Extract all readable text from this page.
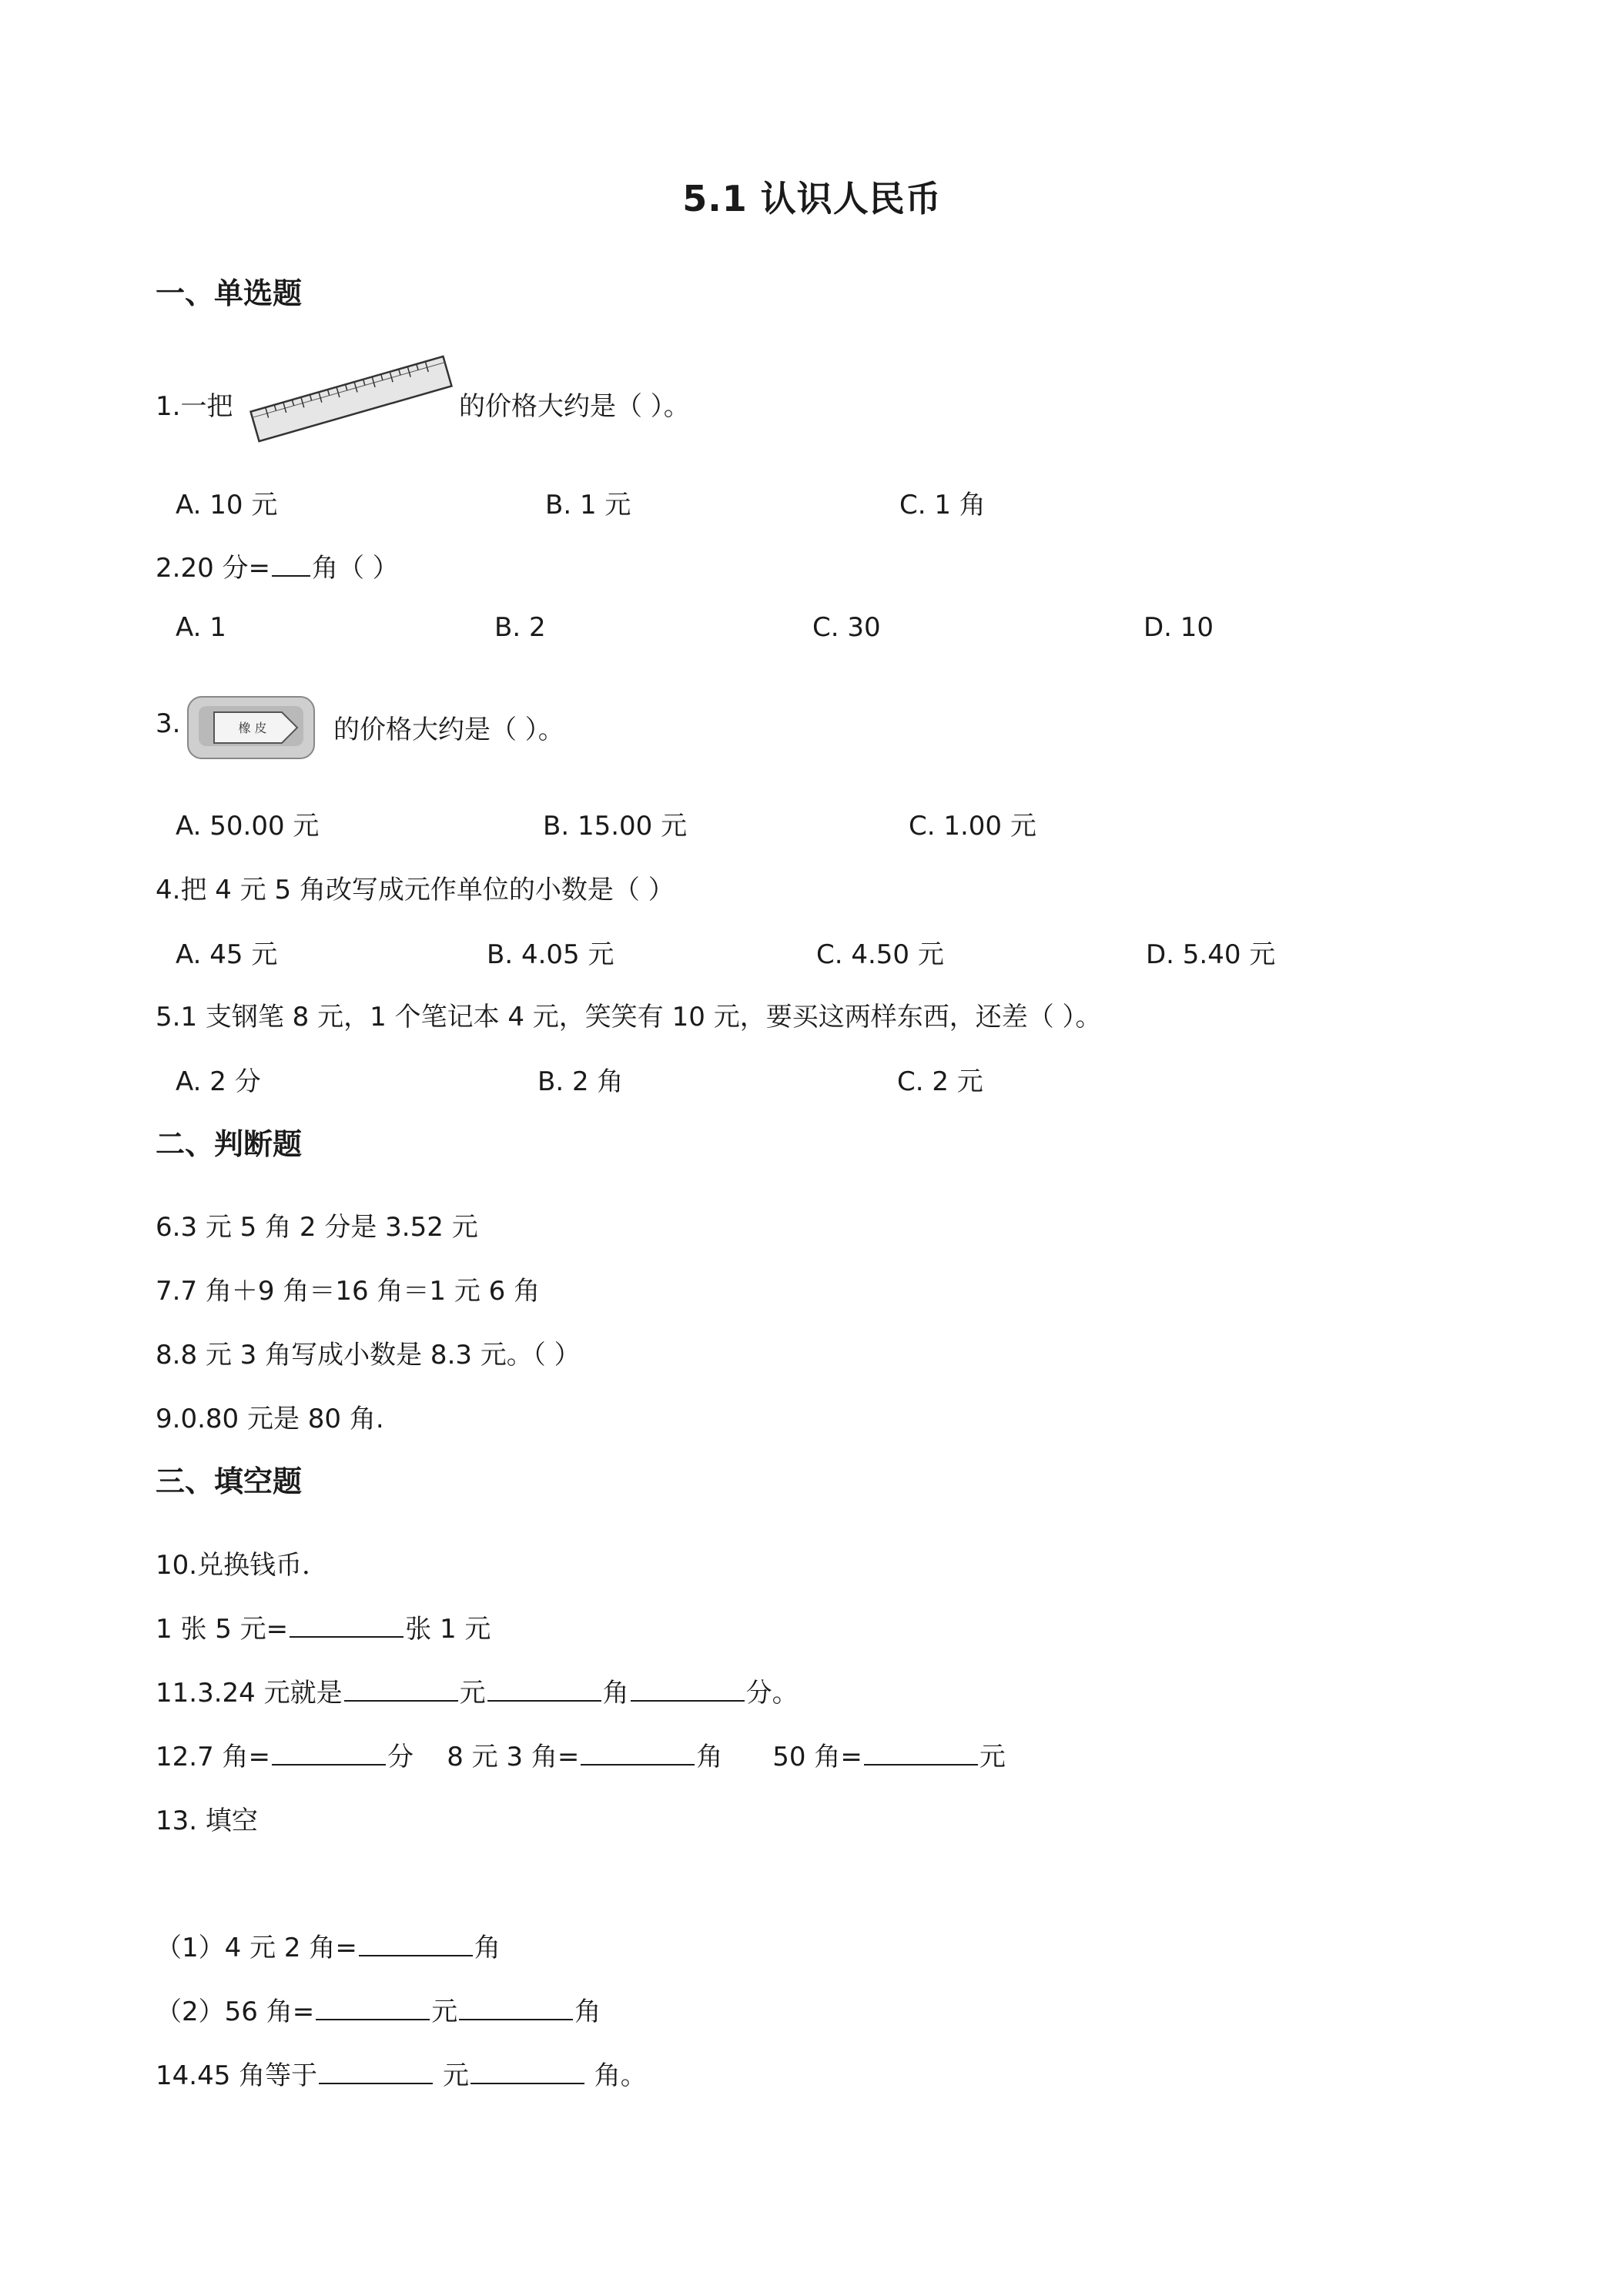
5.1 认识人民币
一、单选题
1.一把	的价格大约是（ ）。
A. 10 元	B. 1 元	C. 1 角
2.20 分= 角（ ）
A. 1	B. 2	C. 30	D. 10
3.	橡 皮	的价格大约是（ ）。
A. 50.00 元	B. 15.00 元	C. 1.00 元
4.把 4 元 5 角改写成元作单位的小数是（ ）
A. 45 元	B. 4.05 元	C. 4.50 元	D. 5.40 元
5.1 支钢笔 8 元，1 个笔记本 4 元，笑笑有 10 元，要买这两样东西，还差（ ）。
A. 2 分	B. 2 角	C. 2 元
二、判断题
6.3 元 5 角 2 分是 3.52 元
7.7 角＋9 角＝16 角＝1 元 6 角
8.8 元 3 角写成小数是 8.3 元。（ ）
9.0.80 元是 80 角.
三、填空题
10.兑换钱币．
1 张 5 元=	张 1 元
11.3.24 元就是	元	角	分。
12.7 角=	分    8 元 3 角=	角      50 角=	元
13. 填空
（1）4 元 2 角=	角
（2）56 角=	元	角
14.45 角等于	元	角。
